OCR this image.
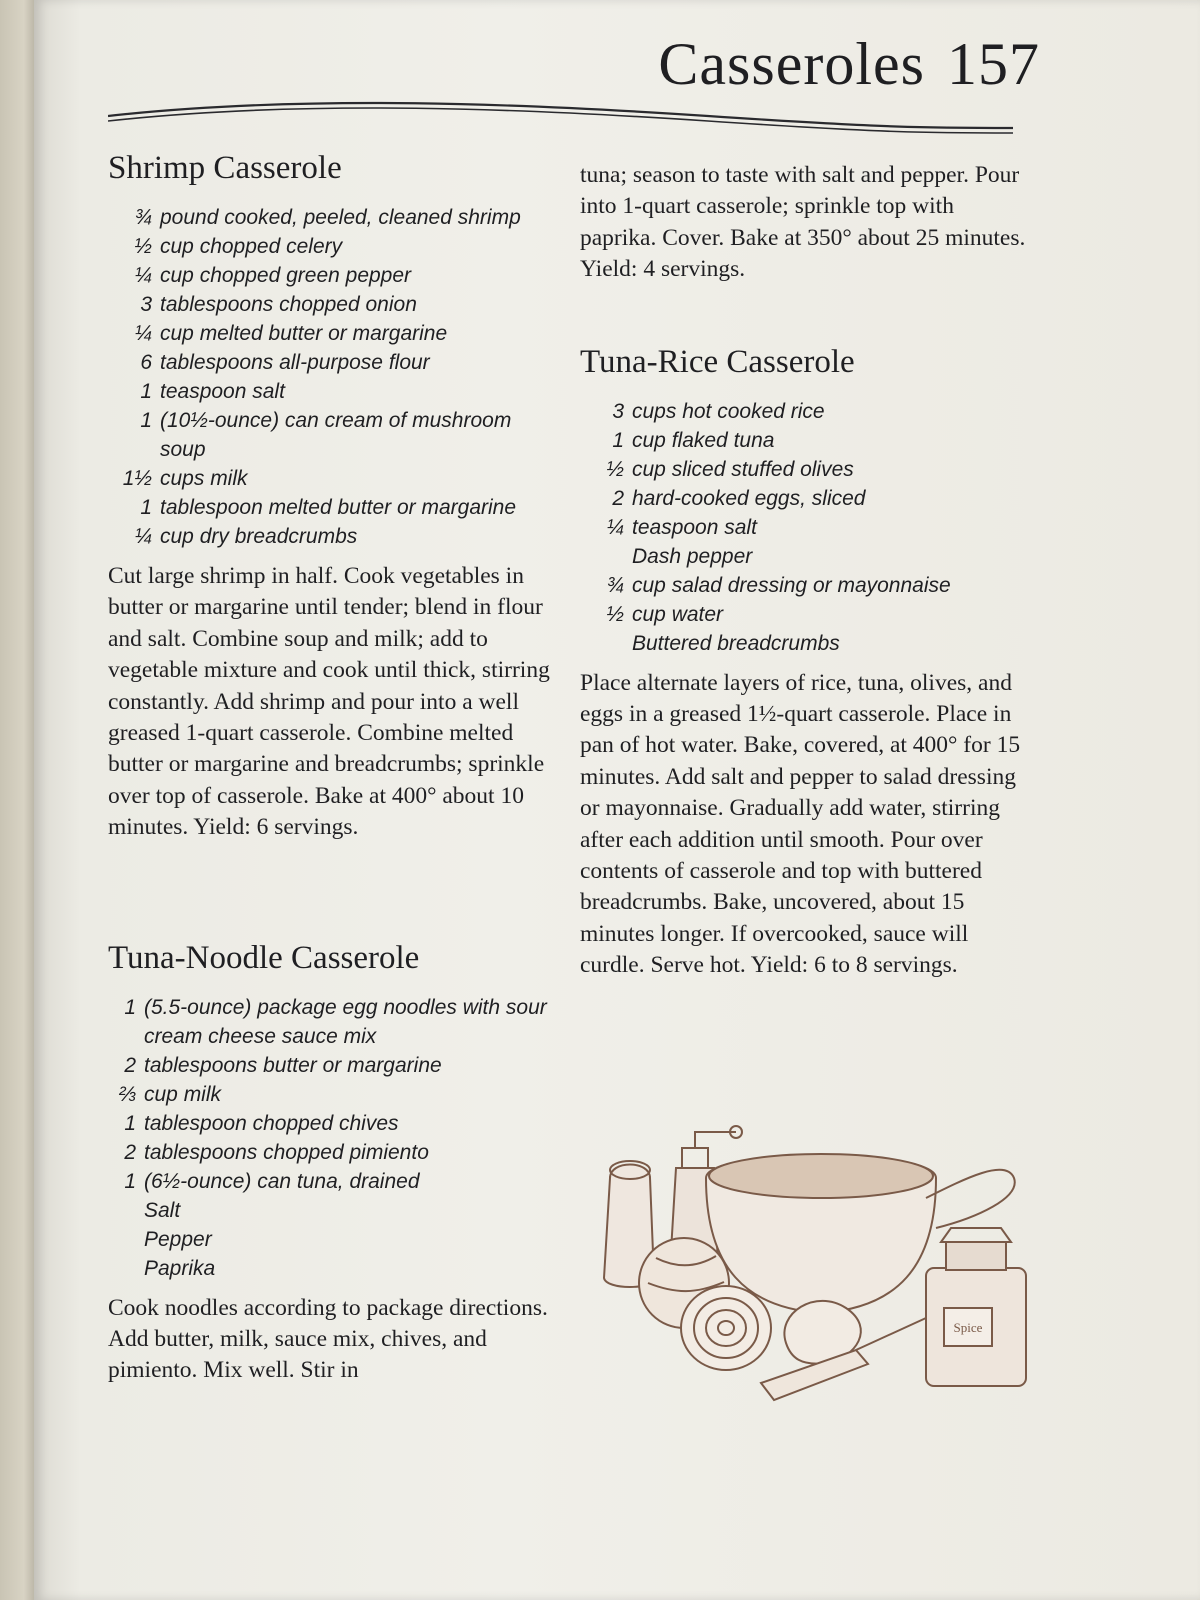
Casseroles 157
Shrimp Casserole
¾ pound cooked, peeled, cleaned shrimp
½ cup chopped celery
¼ cup chopped green pepper
3 tablespoons chopped onion
¼ cup melted butter or margarine
6 tablespoons all-purpose flour
1 teaspoon salt
1 (10½-ounce) can cream of mushroom soup
1½ cups milk
1 tablespoon melted butter or margarine
¼ cup dry breadcrumbs

Cut large shrimp in half. Cook vegetables in butter or margarine until tender; blend in flour and salt. Combine soup and milk; add to vegetable mixture and cook until thick, stirring constantly. Add shrimp and pour into a well greased 1-quart casserole. Combine melted butter or margarine and breadcrumbs; sprinkle over top of casserole. Bake at 400° about 10 minutes. Yield: 6 servings.

Tuna-Noodle Casserole
1 (5.5-ounce) package egg noodles with sour cream cheese sauce mix
2 tablespoons butter or margarine
⅔ cup milk
1 tablespoon chopped chives
2 tablespoons chopped pimiento
1 (6½-ounce) can tuna, drained
Salt
Pepper
Paprika

Cook noodles according to package directions. Add butter, milk, sauce mix, chives, and pimiento. Mix well. Stir in

tuna; season to taste with salt and pepper. Pour into 1-quart casserole; sprinkle top with paprika. Cover. Bake at 350° about 25 minutes. Yield: 4 servings.

Tuna-Rice Casserole
3 cups hot cooked rice
1 cup flaked tuna
½ cup sliced stuffed olives
2 hard-cooked eggs, sliced
¼ teaspoon salt
Dash pepper
¾ cup salad dressing or mayonnaise
½ cup water
Buttered breadcrumbs

Place alternate layers of rice, tuna, olives, and eggs in a greased 1½-quart casserole. Place in pan of hot water. Bake, covered, at 400° for 15 minutes. Add salt and pepper to salad dressing or mayonnaise. Gradually add water, stirring after each addition until smooth. Pour over contents of casserole and top with buttered breadcrumbs. Bake, uncovered, about 15 minutes longer. If overcooked, sauce will curdle. Serve hot. Yield: 6 to 8 servings.

Spice
